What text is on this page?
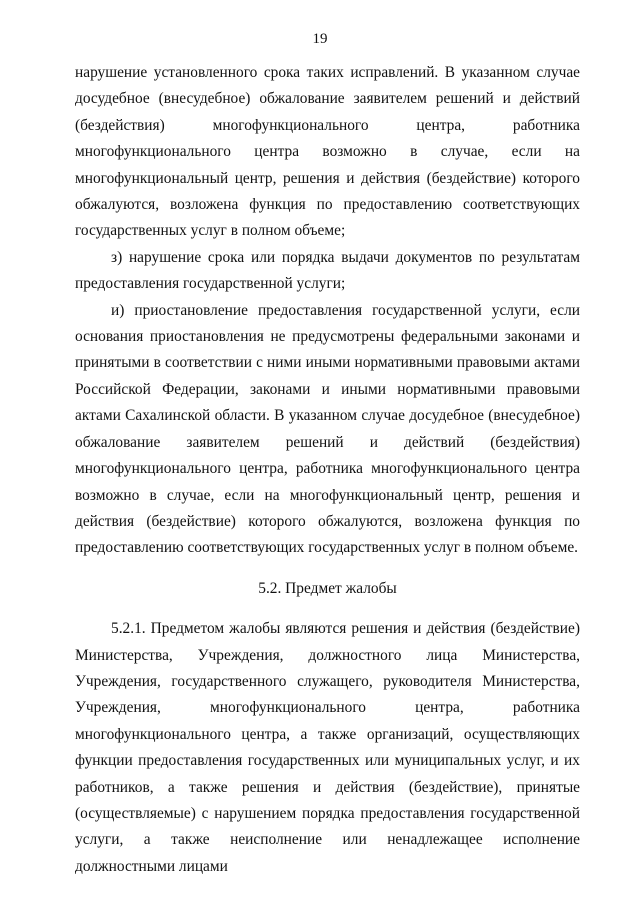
19

нарушение установленного срока таких исправлений. В указанном случае досудебное (внесудебное) обжалование заявителем решений и действий (бездействия) многофункционального центра, работника многофункционального центра возможно в случае, если на многофункциональный центр, решения и действия (бездействие) которого обжалуются, возложена функция по предоставлению соответствующих государственных услуг в полном объеме;

з) нарушение срока или порядка выдачи документов по результатам предоставления государственной услуги;

и) приостановление предоставления государственной услуги, если основания приостановления не предусмотрены федеральными законами и принятыми в соответствии с ними иными нормативными правовыми актами Российской Федерации, законами и иными нормативными правовыми актами Сахалинской области. В указанном случае досудебное (внесудебное) обжалование заявителем решений и действий (бездействия) многофункционального центра, работника многофункционального центра возможно в случае, если на многофункциональный центр, решения и действия (бездействие) которого обжалуются, возложена функция по предоставлению соответствующих государственных услуг в полном объеме.

5.2. Предмет жалобы

5.2.1. Предметом жалобы являются решения и действия (бездействие) Министерства, Учреждения, должностного лица Министерства, Учреждения, государственного служащего, руководителя Министерства, Учреждения, многофункционального центра, работника многофункционального центра, а также организаций, осуществляющих функции предоставления государственных или муниципальных услуг, и их работников, а также решения и действия (бездействие), принятые (осуществляемые) с нарушением порядка предоставления государственной услуги, а также неисполнение или ненадлежащее исполнение должностными лицами
